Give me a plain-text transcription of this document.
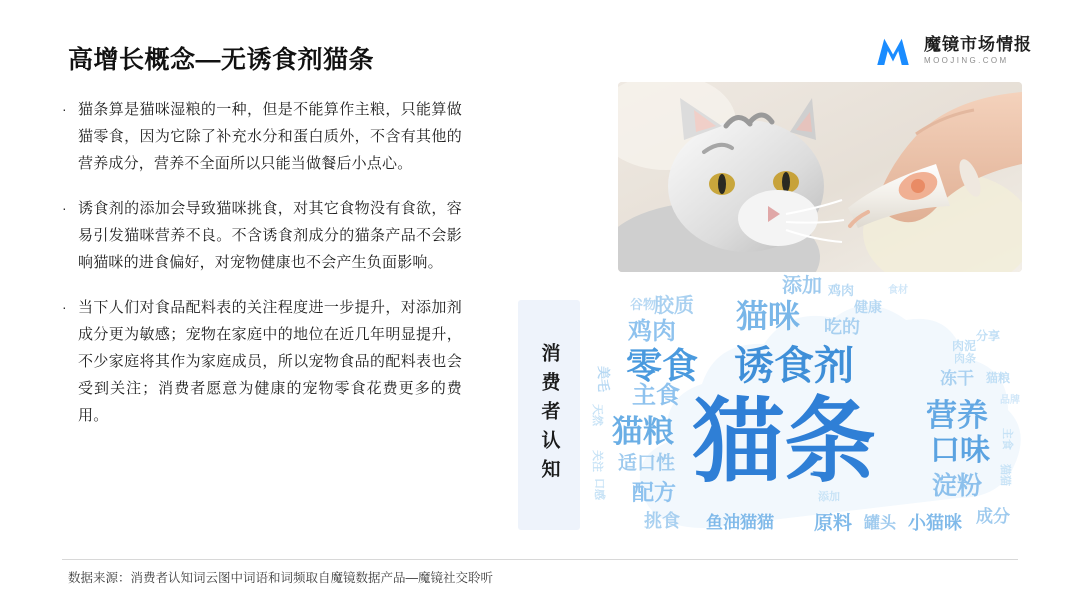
魔镜市场情报
MOOJING.COM
高增长概念—无诱食剂猫条
· 猫条算是猫咪湿粮的一种，但是不能算作主粮，只能算做猫零食，因为它除了补充水分和蛋白质外，不含有其他的营养成分，营养不全面所以只能当做餐后小点心。
· 诱食剂的添加会导致猫咪挑食，对其它食物没有食欲，容易引发猫咪营养不良。不含诱食剂成分的猫条产品不会影响猫咪的进食偏好，对宠物健康也不会产生负面影响。
· 当下人们对食品配料表的关注程度进一步提升，对添加剂成分更为敏感；宠物在家庭中的地位在近几年明显提升，不少家庭将其作为家庭成员，所以宠物食品的配料表也会受到关注；消费者愿意为健康的宠物零食花费更多的费用。	消费者认知 猫条
诱食剂
零食
猫咪
猫粮	营养
口味
淀粉
主食
鸡肉
胶质
添加
吃的
健康
鸡肉
谷物
适口性
配方
挑食 鱼油猫猫 原料 罐头 小猫咪 成分
冻干 猫粮
分享
肉泥
肉条
添加
美毛
天然
关注
口感
主食
猫猫
食材
品牌
数据来源：消费者认知词云图中词语和词频取自魔镜数据产品—魔镜社交聆听
